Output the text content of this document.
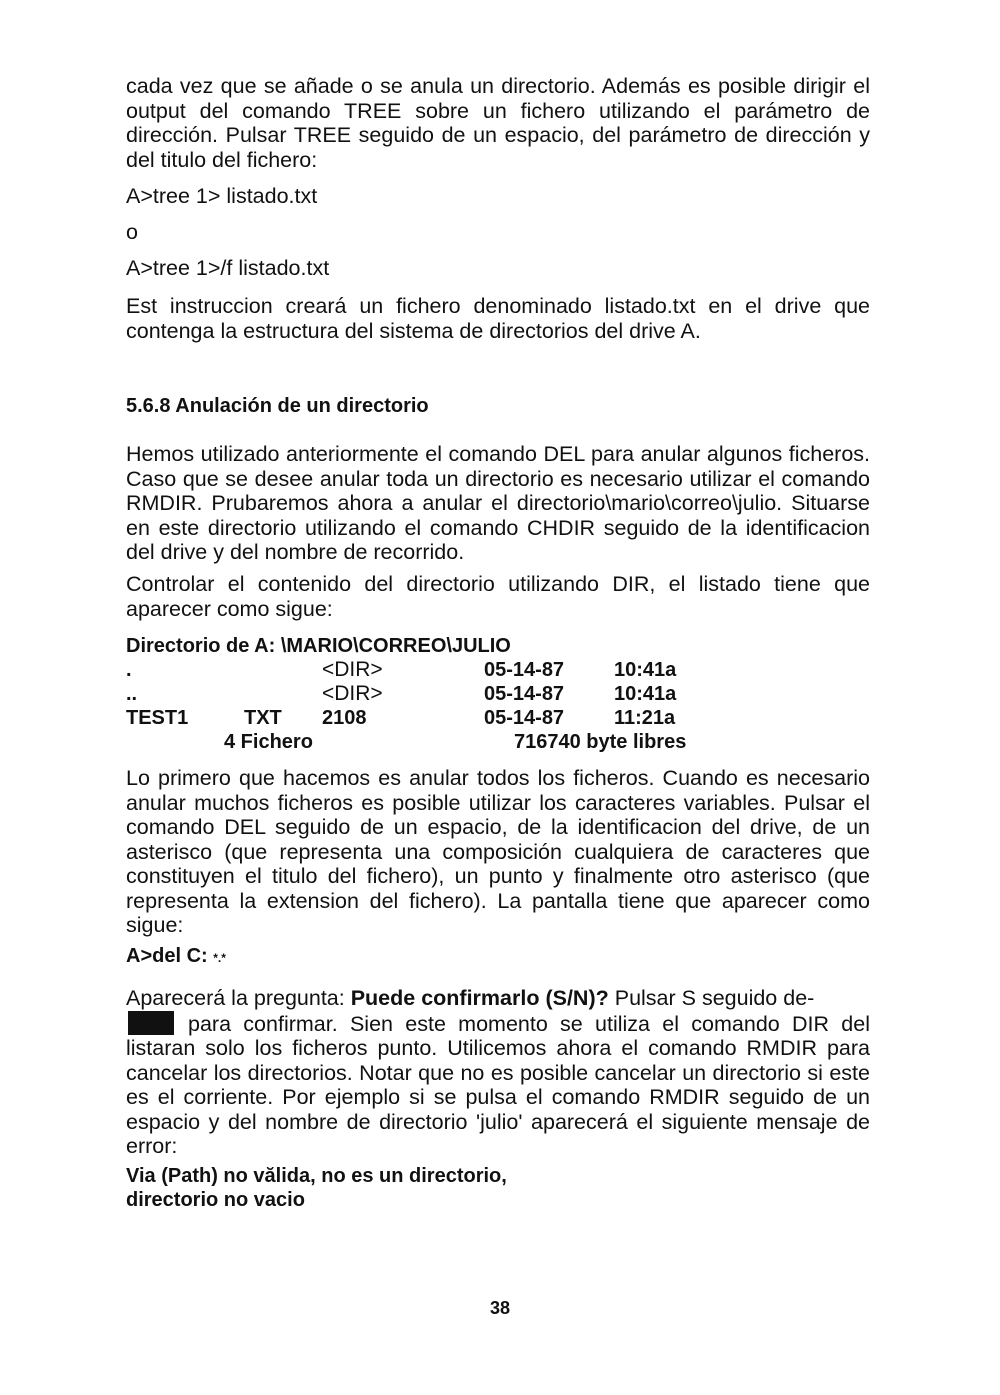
cada vez que se añade o se anula un directorio. Además es posible dirigir el output del comando TREE sobre un fichero utilizando el parámetro de dirección. Pulsar TREE seguido de un espacio, del parámetro de dirección y del titulo del fichero:

A>tree 1> listado.txt

o

A>tree 1>/f listado.txt

Est instruccion creará un fichero denominado listado.txt en el drive que contenga la estructura del sistema de directorios del drive A.

5.6.8 Anulación de un directorio

Hemos utilizado anteriormente el comando DEL para anular algunos ficheros. Caso que se desee anular toda un directorio es necesario utilizar el comando RMDIR. Prubaremos ahora a anular el directorio\mario\correo\julio. Situarse en este directorio utilizando el comando CHDIR seguido de la identificacion del drive y del nombre de recorrido.

Controlar el contenido del directorio utilizando DIR, el listado tiene que aparecer como sigue:

Directorio de A: \MARIO\CORREO\JULIO

.	<DIR>	05-14-87 10:41a
..	<DIR>	05-14-87 10:41a
TEST1	TXT 2108	05-14-87 11:21a
4 Fichero	716740 byte libres

Lo primero que hacemos es anular todos los ficheros. Cuando es necesario anular muchos ficheros es posible utilizar los caracteres variables. Pulsar el comando DEL seguido de un espacio, de la identificacion del drive, de un asterisco (que representa una composición cualquiera de caracteres que constituyen el titulo del fichero), un punto y finalmente otro asterisco (que representa la extension del fichero). La pantalla tiene que aparecer como sigue:

A>del C: *.*

Aparecerá la pregunta: Puede confirmarlo (S/N)? Pulsar S seguido de-
para confirmar. Sien este momento se utiliza el comando DIR del listaran solo los ficheros punto. Utilicemos ahora el comando RMDIR para cancelar los directorios. Notar que no es posible cancelar un directorio si este es el corriente. Por ejemplo si se pulsa el comando RMDIR seguido de un espacio y del nombre de directorio 'julio' aparecerá el siguiente mensaje de error:

Via (Path) no vălida, no es un directorio,
directorio no vacio

38
